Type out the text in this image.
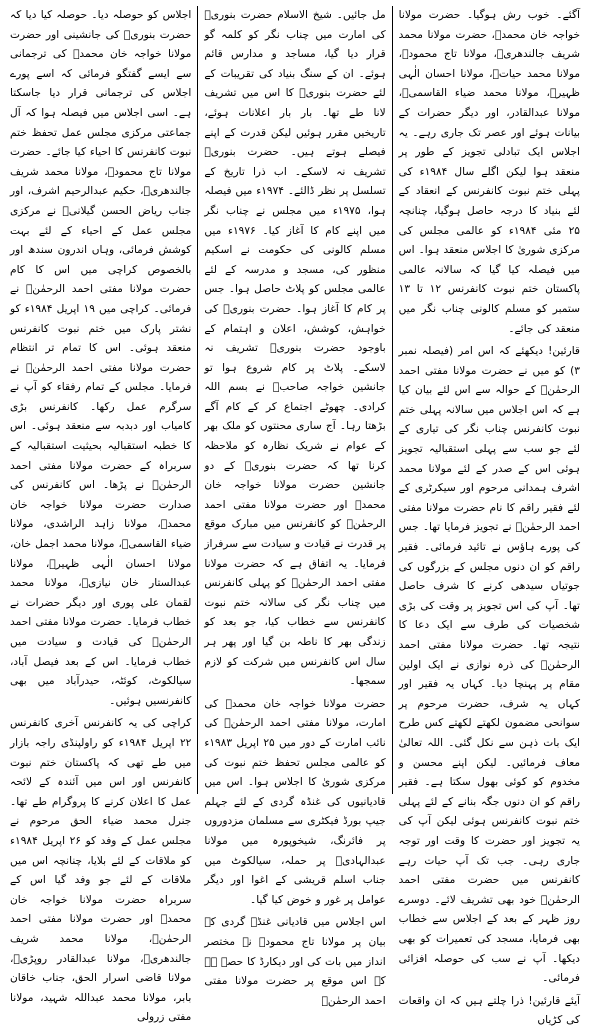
آگئے۔ خوب رش ہوگیا۔ حضرت مولانا خواجہ خان محمدؒ، حضرت مولانا محمد شریف جالندھریؒ، مولانا تاج محمودؒ، مولانا محمد حیاتؒ، مولانا احسان الٰہی ظہیرؒ، مولانا محمد ضیاء القاسمیؒ، مولانا عبدالقادر، اور دیگر حضرات کے بیانات ہوئے اور عصر تک جاری رہے۔ یہ اجلاس ایک تبادلی تجویز کے طور پر منعقد ہوا لیکن اگلے سال ۱۹۸۴ء کی پہلی ختم نبوت کانفرنس کے انعقاد کے لئے بنیاد کا درجہ حاصل ہوگیا، چنانچہ ۲۵ مئی ۱۹۸۴ء کو عالمی مجلس کی مرکزی شوریٰ کا اجلاس منعقد ہوا۔ اس میں فیصلہ کیا گیا کہ سالانہ عالمی پاکستان ختم نبوت کانفرنس ۱۲ تا ۱۳ ستمبر کو مسلم کالونی چناب نگر میں منعقد کی جائے۔

قارئین! دیکھئے کہ اس امر (فیصلہ نمبر ۳) کو میں نے حضرت مولانا مفتی احمد الرحمٰنؒ کے حوالہ سے اس لئے بیان کیا ہے کہ اس اجلاس میں سالانہ پہلی ختم نبوت کانفرنس چناب نگر کی تیاری کے لئے جو سب سے پہلی استقبالیہ تجویز ہوئی اس کے صدر کے لئے مولانا محمد اشرف ہمدانی مرحوم اور سیکرٹری کے لئے فقیر راقم کا نام حضرت مولانا مفتی احمد الرحمٰنؒ نے تجویز فرمایا تھا۔ جس کی پورے ہاؤس نے تائید فرمائی۔ فقیر راقم کو ان دنوں مجلس کے بزرگوں کی جوتیاں سیدھی کرنے کا شرف حاصل تھا۔ آپ کی اس تجویز پر وقت کی بڑی شخصیات کی طرف سے ایک دعا کا نتیجہ تھا۔ حضرت مولانا مفتی احمد الرحمٰنؒ کی ذرہ نوازی نے ایک اولین مقام پر پہنچا دیا۔ کہاں یہ فقیر اور کہاں یہ شرف، حضرت مرحوم پر سوانحی مضمون لکھتے لکھتے کس طرح ایک بات ذہن سے نکل گئی۔ اللہ تعالیٰ معاف فرمائیں۔ لیکن اپنے محسن و مخدوم کو کوئی بھول سکتا ہے۔ فقیر راقم کو ان دنوں جگہ بنانے کے لئے پہلی ختم نبوت کانفرنس ہوئی لیکن آپ کی یہ تجویز اور حضرت کا وقت اور توجہ جاری رہی۔ جب تک آپ حیات رہے کانفرنس میں حضرت مفتی احمد الرحمٰنؒ خود بھی تشریف لائے۔ دوسرے روز ظہر کے بعد کے اجلاس سے خطاب بھی فرمایا، مسجد کی تعمیرات کو بھی دیکھا۔ آپ نے سب کی حوصلہ افزائی فرمائی۔

آیئے قارئین! ذرا چلتے ہیں کہ ان واقعات کی کڑیاں

مل جائیں۔ شیخ الاسلام حضرت بنوریؒ کی امارت میں چناب نگر کو کلمہ گو قرار دیا گیا، مساجد و مدارس قائم ہوئے۔ ان کے سنگ بنیاد کی تقریبات کے لئے حضرت بنوریؒ کا اس میں تشریف لانا طے تھا۔ بار بار اعلانات ہوئے، تاریخیں مقرر ہوئیں لیکن قدرت کے اپنے فیصلے ہوتے ہیں۔ حضرت بنوریؒ تشریف نہ لاسکے۔ اب ذرا تاریخ کے تسلسل پر نظر ڈالئے۔ ۱۹۷۴ء میں فیصلہ ہوا، ۱۹۷۵ء میں مجلس نے چناب نگر میں اپنے کام کا آغاز کیا۔ ۱۹۷۶ء میں مسلم کالونی کی حکومت نے اسکیم منظور کی، مسجد و مدرسہ کے لئے عالمی مجلس کو پلاٹ حاصل ہوا۔ جس پر کام کا آغاز ہوا۔ حضرت بنوریؒ کی خواہش، کوشش، اعلان و اہتمام کے باوجود حضرت بنوریؒ تشریف نہ لاسکے۔ پلاٹ پر کام شروع ہوا تو جانشین خواجہ صاحبؒ نے بسم اللہ کرادی۔ چھوٹے اجتماع کر کے کام آگے بڑھتا رہا۔ آج ساری محنتوں کو ملک بھر کے عوام نے شریک نظارہ کو ملاحظہ کرنا تھا کہ حضرت بنوریؒ کے دو جانشین حضرت مولانا خواجہ خان محمدؒ اور حضرت مولانا مفتی احمد الرحمٰنؒ کو کانفرنس میں مبارک موقع پر قدرت نے قیادت و سیادت سے سرفراز فرمایا۔ یہ اتفاق ہے کہ حضرت مولانا مفتی احمد الرحمٰنؒ کو پہلی کانفرنس میں چناب نگر کی سالانہ ختم نبوت کانفرنس سے خطاب کیا، جو بعد کو زندگی بھر کا ناطہ بن گیا اور پھر ہر سال اس کانفرنس میں شرکت کو لازم سمجھا۔

حضرت مولانا خواجہ خان محمدؒ کی امارت، مولانا مفتی احمد الرحمٰنؒ کی نائب امارت کے دور میں ۲۵ اپریل ۱۹۸۳ء کو عالمی مجلس تحفظ ختم نبوت کی مرکزی شوریٰ کا اجلاس ہوا۔ اس میں قادیانیوں کی غنڈہ گردی کے لئے جہلم جیپ بورڈ فیکٹری سے مسلمان مزدوروں پر فائرنگ، شیخوپورہ میں مولانا عبدالہادیؒ پر حملہ، سیالکوٹ میں جناب اسلم قریشی کے اغوا اور دیگر عوامل پر غور و خوض کیا گیا۔

اس اجلاس میں قادیانی غنڈہ گردی کے بیان پر مولانا تاج محمودؒ نے مختصر انداز میں بات کی اور دیکارڈ کا حصہ ہے کہ اس موقع پر حضرت مولانا مفتی احمد الرحمٰنؒ

اجلاس کو حوصلہ دیا۔ حوصلہ کیا دیا کہ حضرت بنوریؒ کی جانشینی اور حضرت مولانا خواجہ خان محمدؒ کی ترجمانی سے ایسے گفتگو فرمائی کہ اسے پورے اجلاس کی ترجمانی قرار دیا جاسکتا ہے۔ اسی اجلاس میں فیصلہ ہوا کہ آل جماعتی مرکزی مجلس عمل تحفظ ختم نبوت کانفرنس کا احیاء کیا جائے۔ حضرت مولانا تاج محمودؒ، مولانا محمد شریف جالندھریؒ، حکیم عبدالرحیم اشرف، اور جناب ریاض الحسن گیلانیؒ نے مرکزی مجلس عمل کے احیاء کے لئے بہت کوشش فرمائی، وہاں اندرون سندھ اور بالخصوص کراچی میں اس کا کام حضرت مولانا مفتی احمد الرحمٰنؒ نے فرمائی۔ کراچی میں ۱۹ اپریل ۱۹۸۴ء کو نشتر پارک میں ختم نبوت کانفرنس منعقد ہوئی۔ اس کا تمام تر انتظام حضرت مولانا مفتی احمد الرحمٰنؒ نے فرمایا۔ مجلس کے تمام رفقاء کو آپ نے سرگرم عمل رکھا۔ کانفرنس بڑی کامیاب اور دبدبہ سے منعقد ہوئی۔ اس کا خطبہ استقبالیہ بحیثیت استقبالیہ کے سربراہ کے حضرت مولانا مفتی احمد الرحمٰنؒ نے پڑھا۔ اس کانفرنس کی صدارت حضرت مولانا خواجہ خان محمدؒ، مولانا زاہد الراشدی، مولانا ضیاء القاسمیؒ، مولانا محمد اجمل خان، مولانا احسان الٰہی ظہیرؒ، مولانا عبدالستار خان نیازیؒ، مولانا محمد لقمان علی پوری اور دیگر حضرات نے خطاب فرمایا۔ حضرت مولانا مفتی احمد الرحمٰنؒ کی قیادت و سیادت میں خطاب فرمایا۔ اس کے بعد فیصل آباد، سیالکوٹ، کوئٹہ، حیدرآباد میں بھی کانفرنسیں ہوئیں۔

کراچی کی یہ کانفرنس آخری کانفرنس ۲۲ اپریل ۱۹۸۴ء کو راولپنڈی راجہ بازار میں طے تھی کہ پاکستان ختم نبوت کانفرنس اور اس میں آئندہ کے لائحہ عمل کا اعلان کرنے کا پروگرام طے تھا۔ جنرل محمد ضیاء الحق مرحوم نے مجلس عمل کے وفد کو ۲۶ اپریل ۱۹۸۴ء کو ملاقات کے لئے بلایا، چنانچہ اس میں ملاقات کے لئے جو وفد گیا اس کے سربراہ حضرت مولانا خواجہ خان محمدؒ اور حضرت مولانا مفتی احمد الرحمٰنؒ، مولانا محمد شریف جالندھریؒ، مولانا عبدالقادر روپڑیؒ، مولانا قاضی اسرار الحق، جناب خاقان بابر، مولانا محمد عبداللہ شہید، مولانا مفتی زرولی
